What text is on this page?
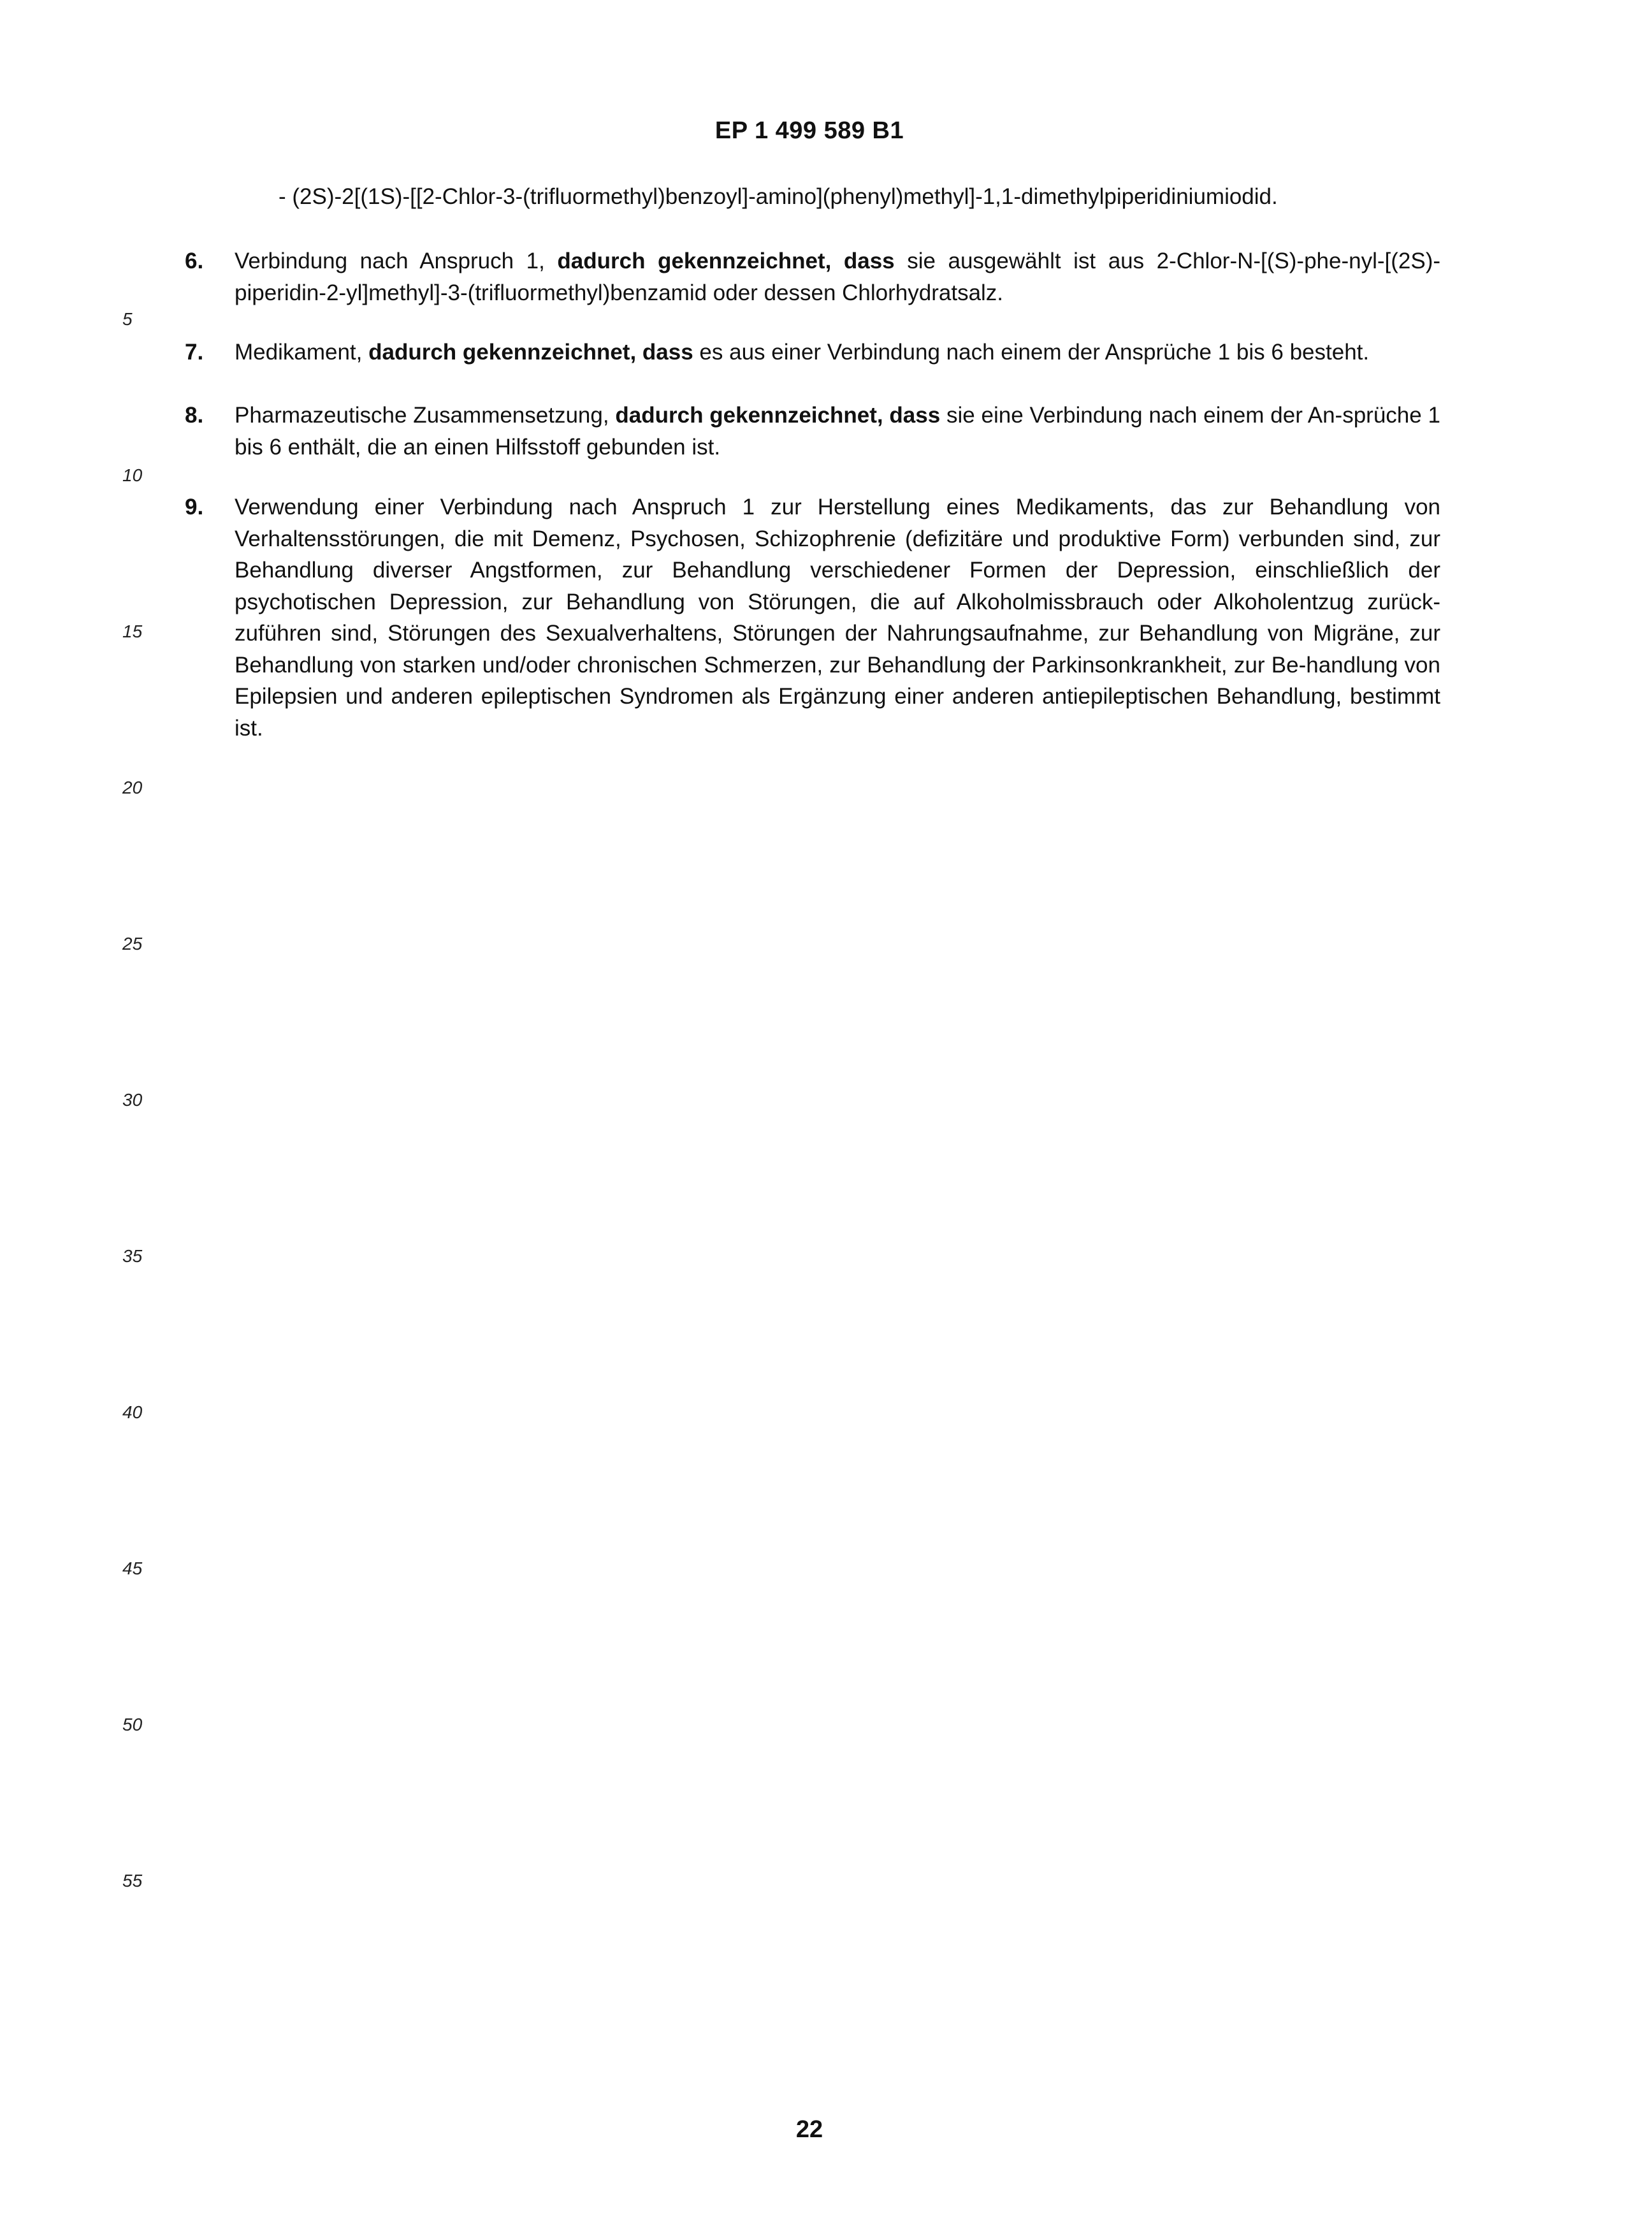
EP 1 499 589 B1
- (2S)-2[(1S)-[[2-Chlor-3-(trifluormethyl)benzoyl]-amino](phenyl)methyl]-1,1-dimethylpiperidiniumiodid.
6. Verbindung nach Anspruch 1, dadurch gekennzeichnet, dass sie ausgewählt ist aus 2-Chlor-N-[(S)-phe-nyl-[(2S)-piperidin-2-yl]methyl]-3-(trifluormethyl)benzamid oder dessen Chlorhydratsalz.
7. Medikament, dadurch gekennzeichnet, dass es aus einer Verbindung nach einem der Ansprüche 1 bis 6 besteht.
8. Pharmazeutische Zusammensetzung, dadurch gekennzeichnet, dass sie eine Verbindung nach einem der An-sprüche 1 bis 6 enthält, die an einen Hilfsstoff gebunden ist.
9. Verwendung einer Verbindung nach Anspruch 1 zur Herstellung eines Medikaments, das zur Behandlung von Verhaltensstörungen, die mit Demenz, Psychosen, Schizophrenie (defizitäre und produktive Form) verbunden sind, zur Behandlung diverser Angstformen, zur Behandlung verschiedener Formen der Depression, einschließlich der psychotischen Depression, zur Behandlung von Störungen, die auf Alkoholmissbrauch oder Alkoholentzug zurück-zuführen sind, Störungen des Sexualverhaltens, Störungen der Nahrungsaufnahme, zur Behandlung von Migräne, zur Behandlung von starken und/oder chronischen Schmerzen, zur Behandlung der Parkinsonkrankheit, zur Be-handlung von Epilepsien und anderen epileptischen Syndromen als Ergänzung einer anderen antiepileptischen Behandlung, bestimmt ist.
5
10
15
20
25
30
35
40
45
50
55
22
